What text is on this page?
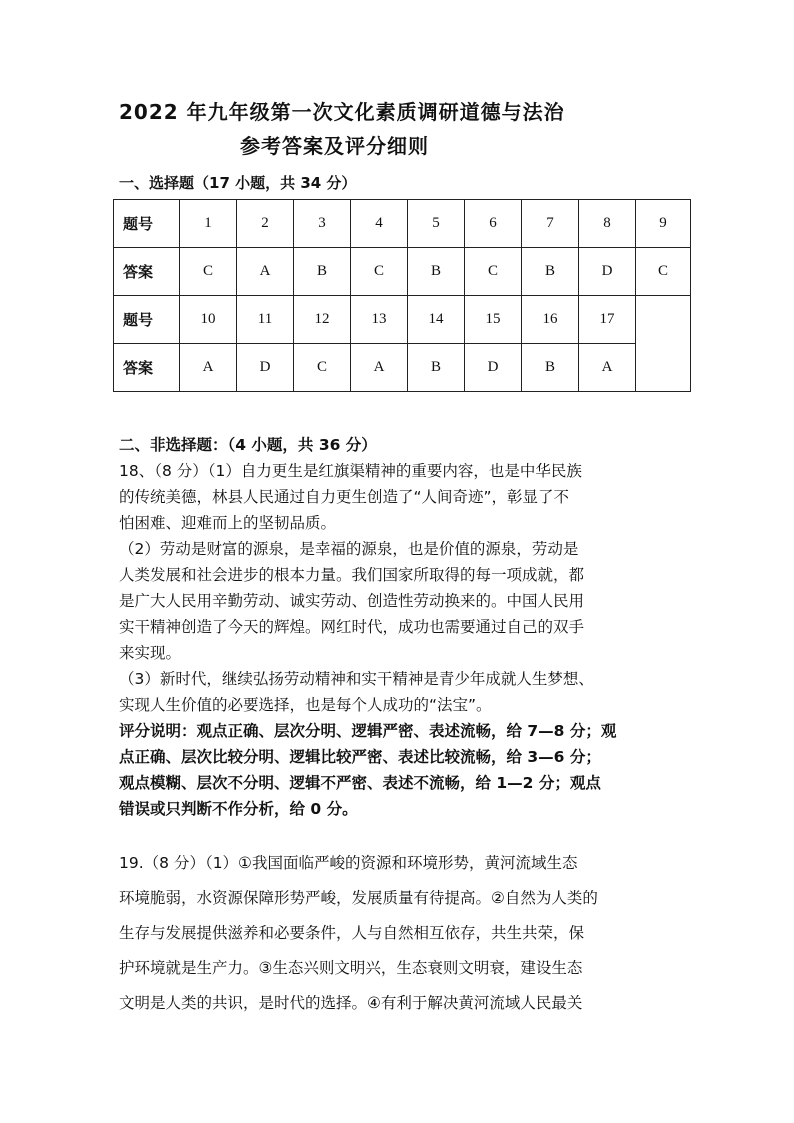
2022 年九年级第一次文化素质调研道德与法治
参考答案及评分细则
一、选择题（17 小题，共 34 分）
题号	1	2	3	4	5	6	7	8	9
答案	C	A	B	C	B	C	B	D	C
题号	10	11	12	13	14	15	16	17	
答案	A	D	C	A	B	D	B	A	
二、非选择题：（4 小题，共 36 分）
18、（8 分）（1）自力更生是红旗渠精神的重要内容，也是中华民族
的传统美德，林县人民通过自力更生创造了“人间奇迹”，彰显了不
怕困难、迎难而上的坚韧品质。
（2）劳动是财富的源泉，是幸福的源泉，也是价值的源泉，劳动是
人类发展和社会进步的根本力量。我们国家所取得的每一项成就，都
是广大人民用辛勤劳动、诚实劳动、创造性劳动换来的。中国人民用
实干精神创造了今天的辉煌。网红时代，成功也需要通过自己的双手
来实现。
（3）新时代，继续弘扬劳动精神和实干精神是青少年成就人生梦想、
实现人生价值的必要选择，也是每个人成功的“法宝”。
评分说明：观点正确、层次分明、逻辑严密、表述流畅，给 7—8 分；观
点正确、层次比较分明、逻辑比较严密、表述比较流畅，给 3—6 分；
观点模糊、层次不分明、逻辑不严密、表述不流畅，给 1—2 分；观点
错误或只判断不作分析，给 0 分。
19.（8 分）（1）①我国面临严峻的资源和环境形势，黄河流域生态
环境脆弱，水资源保障形势严峻，发展质量有待提高。②自然为人类的
生存与发展提供滋养和必要条件，人与自然相互依存，共生共荣，保
护环境就是生产力。③生态兴则文明兴，生态衰则文明衰，建设生态
文明是人类的共识，是时代的选择。④有利于解决黄河流域人民最关
